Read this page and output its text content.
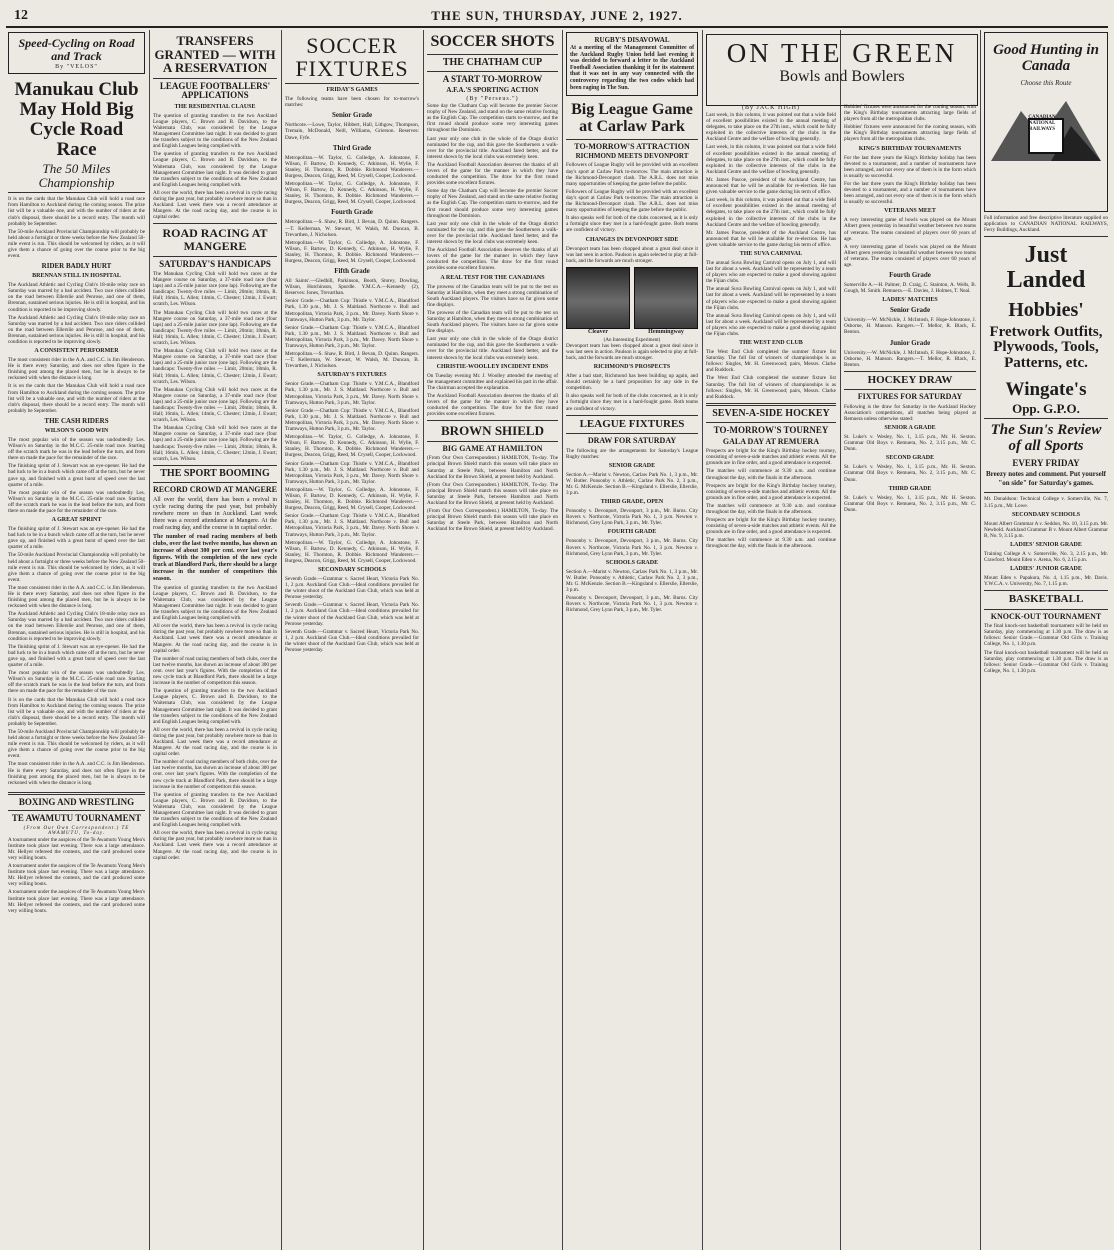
12	THE SUN, THURSDAY, JUNE 2, 1927.
Speed-Cycling on Road and Track
By "VELOS"
Manukau Club May Hold Big Cycle Road Race
The 50 Miles Championship

It is on the cards that the Manukau Club will hold a road race from Hamilton to Auckland during the coming season. The prize list will be a valuable one, and with the number of riders at the club's disposal, there should be a record entry. The month will probably be September.

The 50-mile Auckland Provincial Championship will probably be held about a fortnight or three weeks before the New Zealand 50-mile event is run. This should be welcomed by riders, as it will give them a chance of going over the course prior to the big event.

RIDER BADLY HURT
BRENNAN STILL IN HOSPITAL

The Auckland Athletic and Cycling Club's 18-mile relay race on Saturday was marred by a bad accident. Two race riders collided on the road between Ellerslie and Penrose, and one of them, Brennan, sustained serious injuries. He is still in hospital, and his condition is reported to be improving slowly.

The Auckland Athletic and Cycling Club's 18-mile relay race on Saturday was marred by a bad accident. Two race riders collided on the road between Ellerslie and Penrose, and one of them, Brennan, sustained serious injuries. He is still in hospital, and his condition is reported to be improving slowly.

A CONSISTENT PERFORMER

The most consistent rider in the A.A. and C.C. is Jim Henderson. He is there every Saturday, and does not often figure in the finishing post among the placed men, but he is always to be reckoned with when the distance is long.

It is on the cards that the Manukau Club will hold a road race from Hamilton to Auckland during the coming season. The prize list will be a valuable one, and with the number of riders at the club's disposal, there should be a record entry. The month will probably be September.

THE CASH RIDERS
WILSON'S GOOD WIN

The most popular win of the season was undoubtedly Les. Wilson's on Saturday in the M.C.C. 25-mile road race. Starting off the scratch mark he was in the lead before the turn, and from there on made the pace for the remainder of the race.

The finishing sprint of J. Stewart was an eye-opener. He had the bad luck to be in a bunch which came off at the turn, but he never gave up, and finished with a great burst of speed over the last quarter of a mile.

The most popular win of the season was undoubtedly Les. Wilson's on Saturday in the M.C.C. 25-mile road race. Starting off the scratch mark he was in the lead before the turn, and from there on made the pace for the remainder of the race.

A GREAT SPRINT

The finishing sprint of J. Stewart was an eye-opener. He had the bad luck to be in a bunch which came off at the turn, but he never gave up, and finished with a great burst of speed over the last quarter of a mile.

The 50-mile Auckland Provincial Championship will probably be held about a fortnight or three weeks before the New Zealand 50-mile event is run. This should be welcomed by riders, as it will give them a chance of going over the course prior to the big event.

The most consistent rider in the A.A. and C.C. is Jim Henderson. He is there every Saturday, and does not often figure in the finishing post among the placed men, but he is always to be reckoned with when the distance is long.

The Auckland Athletic and Cycling Club's 18-mile relay race on Saturday was marred by a bad accident. Two race riders collided on the road between Ellerslie and Penrose, and one of them, Brennan, sustained serious injuries. He is still in hospital, and his condition is reported to be improving slowly.

The finishing sprint of J. Stewart was an eye-opener. He had the bad luck to be in a bunch which came off at the turn, but he never gave up, and finished with a great burst of speed over the last quarter of a mile.

The most popular win of the season was undoubtedly Les. Wilson's on Saturday in the M.C.C. 25-mile road race. Starting off the scratch mark he was in the lead before the turn, and from there on made the pace for the remainder of the race.

It is on the cards that the Manukau Club will hold a road race from Hamilton to Auckland during the coming season. The prize list will be a valuable one, and with the number of riders at the club's disposal, there should be a record entry. The month will probably be September.

The 50-mile Auckland Provincial Championship will probably be held about a fortnight or three weeks before the New Zealand 50-mile event is run. This should be welcomed by riders, as it will give them a chance of going over the course prior to the big event.

The most consistent rider in the A.A. and C.C. is Jim Henderson. He is there every Saturday, and does not often figure in the finishing post among the placed men, but he is always to be reckoned with when the distance is long.

BOXING AND WRESTLING
TE AWAMUTU TOURNAMENT
(From Our Own Correspondent.) TE AWAMUTU, To-day.

A tournament under the auspices of the Te Awamutu Young Men's Institute took place last evening. There was a large attendance. Mr. Hellyer refereed the contests, and the card produced some very willing bouts.

A tournament under the auspices of the Te Awamutu Young Men's Institute took place last evening. There was a large attendance. Mr. Hellyer refereed the contests, and the card produced some very willing bouts.

A tournament under the auspices of the Te Awamutu Young Men's Institute took place last evening. There was a large attendance. Mr. Hellyer refereed the contests, and the card produced some very willing bouts.

TRANSFERS GRANTED — WITH A RESERVATION
LEAGUE FOOTBALLERS' APPLICATIONS
THE RESIDENTIAL CLAUSE

The question of granting transfers to the two Auckland League players, C. Brown and B. Davidson, to the Waitemata Club, was considered by the League Management Committee last night. It was decided to grant the transfers subject to the conditions of the New Zealand and English Leagues being complied with.

The question of granting transfers to the two Auckland League players, C. Brown and B. Davidson, to the Waitemata Club, was considered by the League Management Committee last night. It was decided to grant the transfers subject to the conditions of the New Zealand and English Leagues being complied with.

All over the world, there has been a revival in cycle racing during the past year, but probably nowhere more so than in Auckland. Last week there was a record attendance at Mangere. At the road racing day, and the course is in capital order.

ROAD RACING AT MANGERE
SATURDAY'S HANDICAPS

The Manukau Cycling Club will hold two races at the Mangere course on Saturday, a 37-mile road race (four laps) and a 25-mile junior race (one lap). Following are the handicaps: Twenty-five miles — Limit, 20min; 18min, R. Hall; 16min, L. Allen; 14min, C. Chester; 12min, J. Ewart; scratch, Les. Wilson.

The Manukau Cycling Club will hold two races at the Mangere course on Saturday, a 37-mile road race (four laps) and a 25-mile junior race (one lap). Following are the handicaps: Twenty-five miles — Limit, 20min; 18min, R. Hall; 16min, L. Allen; 14min, C. Chester; 12min, J. Ewart; scratch, Les. Wilson.

The Manukau Cycling Club will hold two races at the Mangere course on Saturday, a 37-mile road race (four laps) and a 25-mile junior race (one lap). Following are the handicaps: Twenty-five miles — Limit, 20min; 18min, R. Hall; 16min, L. Allen; 14min, C. Chester; 12min, J. Ewart; scratch, Les. Wilson.

The Manukau Cycling Club will hold two races at the Mangere course on Saturday, a 37-mile road race (four laps) and a 25-mile junior race (one lap). Following are the handicaps: Twenty-five miles — Limit, 20min; 18min, R. Hall; 16min, L. Allen; 14min, C. Chester; 12min, J. Ewart; scratch, Les. Wilson.

The Manukau Cycling Club will hold two races at the Mangere course on Saturday, a 37-mile road race (four laps) and a 25-mile junior race (one lap). Following are the handicaps: Twenty-five miles — Limit, 20min; 18min, R. Hall; 16min, L. Allen; 14min, C. Chester; 12min, J. Ewart; scratch, Les. Wilson.

THE SPORT BOOMING
RECORD CROWD AT MANGERE

All over the world, there has been a revival in cycle racing during the past year, but probably nowhere more so than in Auckland. Last week there was a record attendance at Mangere. At the road racing day, and the course is in capital order.

The number of road racing members of both clubs, over the last twelve months, has shown an increase of about 300 per cent. over last year's figures. With the completion of the new cycle track at Blandford Park, there should be a large increase in the number of competitors this season.

The question of granting transfers to the two Auckland League players, C. Brown and B. Davidson, to the Waitemata Club, was considered by the League Management Committee last night. It was decided to grant the transfers subject to the conditions of the New Zealand and English Leagues being complied with.

All over the world, there has been a revival in cycle racing during the past year, but probably nowhere more so than in Auckland. Last week there was a record attendance at Mangere. At the road racing day, and the course is in capital order.

The number of road racing members of both clubs, over the last twelve months, has shown an increase of about 300 per cent. over last year's figures. With the completion of the new cycle track at Blandford Park, there should be a large increase in the number of competitors this season.

The question of granting transfers to the two Auckland League players, C. Brown and B. Davidson, to the Waitemata Club, was considered by the League Management Committee last night. It was decided to grant the transfers subject to the conditions of the New Zealand and English Leagues being complied with.

All over the world, there has been a revival in cycle racing during the past year, but probably nowhere more so than in Auckland. Last week there was a record attendance at Mangere. At the road racing day, and the course is in capital order.

The number of road racing members of both clubs, over the last twelve months, has shown an increase of about 300 per cent. over last year's figures. With the completion of the new cycle track at Blandford Park, there should be a large increase in the number of competitors this season.

The question of granting transfers to the two Auckland League players, C. Brown and B. Davidson, to the Waitemata Club, was considered by the League Management Committee last night. It was decided to grant the transfers subject to the conditions of the New Zealand and English Leagues being complied with.

All over the world, there has been a revival in cycle racing during the past year, but probably nowhere more so than in Auckland. Last week there was a record attendance at Mangere. At the road racing day, and the course is in capital order.

SOCCER FIXTURES
FRIDAY'S GAMES

The following teams have been chosen for to-morrow's matches:

Senior Grade

Northcote.—Lowe, Taylor, Hibbert, Hall, Lithgow, Thompson, Tremain, McDonald, Neill, Williams, Grierson. Reserves: Dawe, Fyfe.

Third Grade

Metropolitan.—W. Taylor, G. Colledge, A. Johnstone, F. Wilson, F. Bartow, D. Kennedy, C. Atkinson, H. Wylie, F. Stanley, H. Thornton, R. Dobbie. Richmond Wanderers.—Burgess, Deacon, Grigg, Reed, M. Crysell, Cooper, Lockwood.

Metropolitan.—W. Taylor, G. Colledge, A. Johnstone, F. Wilson, F. Bartow, D. Kennedy, C. Atkinson, H. Wylie, F. Stanley, H. Thornton, R. Dobbie. Richmond Wanderers.—Burgess, Deacon, Grigg, Reed, M. Crysell, Cooper, Lockwood.

Fourth Grade

Metropolitan.—S. Shaw, R. Bird, J. Bevan, D. Quinn. Rangers.—T. Kellerman, W. Stewart, W. Walsh, M. Duncan, B. Trevarthen, J. Nicholson.

Metropolitan.—W. Taylor, G. Colledge, A. Johnstone, F. Wilson, F. Bartow, D. Kennedy, C. Atkinson, H. Wylie, F. Stanley, H. Thornton, R. Dobbie. Richmond Wanderers.—Burgess, Deacon, Grigg, Reed, M. Crysell, Cooper, Lockwood.

Fifth Grade

All Saints'.—Gledhill, Parkinson, Booth, Storey, Dowling, Wilson, Hutchinson, Spurdle. Y.M.C.A.—Kennedy (2), Reserves: Jones, Trevarthan.

Senior Grade.—Chatham Cup: Thistle v. Y.M.C.A., Blandford Park, 1.30 p.m., Mr. J. S. Maitland. Northcote v. Bull and Metropolitan, Victoria Park, 3 p.m., Mr. Davey. North Shore v. Tramways, Hutton Park, 3 p.m., Mr. Taylor.

Senior Grade.—Chatham Cup: Thistle v. Y.M.C.A., Blandford Park, 1.30 p.m., Mr. J. S. Maitland. Northcote v. Bull and Metropolitan, Victoria Park, 3 p.m., Mr. Davey. North Shore v. Tramways, Hutton Park, 3 p.m., Mr. Taylor.

Metropolitan.—S. Shaw, R. Bird, J. Bevan, D. Quinn. Rangers.—T. Kellerman, W. Stewart, W. Walsh, M. Duncan, B. Trevarthen, J. Nicholson.

SATURDAY'S FIXTURES

Senior Grade.—Chatham Cup: Thistle v. Y.M.C.A., Blandford Park, 1.30 p.m., Mr. J. S. Maitland. Northcote v. Bull and Metropolitan, Victoria Park, 3 p.m., Mr. Davey. North Shore v. Tramways, Hutton Park, 3 p.m., Mr. Taylor.

Senior Grade.—Chatham Cup: Thistle v. Y.M.C.A., Blandford Park, 1.30 p.m., Mr. J. S. Maitland. Northcote v. Bull and Metropolitan, Victoria Park, 3 p.m., Mr. Davey. North Shore v. Tramways, Hutton Park, 3 p.m., Mr. Taylor.

Metropolitan.—W. Taylor, G. Colledge, A. Johnstone, F. Wilson, F. Bartow, D. Kennedy, C. Atkinson, H. Wylie, F. Stanley, H. Thornton, R. Dobbie. Richmond Wanderers.—Burgess, Deacon, Grigg, Reed, M. Crysell, Cooper, Lockwood.

Senior Grade.—Chatham Cup: Thistle v. Y.M.C.A., Blandford Park, 1.30 p.m., Mr. J. S. Maitland. Northcote v. Bull and Metropolitan, Victoria Park, 3 p.m., Mr. Davey. North Shore v. Tramways, Hutton Park, 3 p.m., Mr. Taylor.

Metropolitan.—W. Taylor, G. Colledge, A. Johnstone, F. Wilson, F. Bartow, D. Kennedy, C. Atkinson, H. Wylie, F. Stanley, H. Thornton, R. Dobbie. Richmond Wanderers.—Burgess, Deacon, Grigg, Reed, M. Crysell, Cooper, Lockwood.

Senior Grade.—Chatham Cup: Thistle v. Y.M.C.A., Blandford Park, 1.30 p.m., Mr. J. S. Maitland. Northcote v. Bull and Metropolitan, Victoria Park, 3 p.m., Mr. Davey. North Shore v. Tramways, Hutton Park, 3 p.m., Mr. Taylor.

Metropolitan.—W. Taylor, G. Colledge, A. Johnstone, F. Wilson, F. Bartow, D. Kennedy, C. Atkinson, H. Wylie, F. Stanley, H. Thornton, R. Dobbie. Richmond Wanderers.—Burgess, Deacon, Grigg, Reed, M. Crysell, Cooper, Lockwood.

SECONDARY SCHOOLS

Seventh Grade.—Grammar v. Sacred Heart, Victoria Park No. 1, 2 p.m. Auckland Gun Club.—Ideal conditions prevailed for the winter shoot of the Auckland Gun Club, which was held at Penrose yesterday.

Seventh Grade.—Grammar v. Sacred Heart, Victoria Park No. 1, 2 p.m. Auckland Gun Club.—Ideal conditions prevailed for the winter shoot of the Auckland Gun Club, which was held at Penrose yesterday.

Seventh Grade.—Grammar v. Sacred Heart, Victoria Park No. 1, 2 p.m. Auckland Gun Club.—Ideal conditions prevailed for the winter shoot of the Auckland Gun Club, which was held at Penrose yesterday.

SOCCER SHOTS
THE CHATHAM CUP
A START TO-MORROW
A.F.A.'S SPORTING ACTION
(By "Perseus.")

Some day the Chatham Cup will become the premier Soccer trophy of New Zealand, and stand on the same relative footing as the English Cup. The competition starts to-morrow, and the first round should produce some very interesting games throughout the Dominion.

Last year only one club in the whole of the Otago district nominated for the cup, and this gave the Southerners a walk-over for the provincial title. Auckland fared better, and the interest shown by the local clubs was extremely keen.

The Auckland Football Association deserves the thanks of all lovers of the game for the manner in which they have conducted the competition. The draw for the first round provides some excellent fixtures.

Some day the Chatham Cup will become the premier Soccer trophy of New Zealand, and stand on the same relative footing as the English Cup. The competition starts to-morrow, and the first round should produce some very interesting games throughout the Dominion.

Last year only one club in the whole of the Otago district nominated for the cup, and this gave the Southerners a walk-over for the provincial title. Auckland fared better, and the interest shown by the local clubs was extremely keen.

The Auckland Football Association deserves the thanks of all lovers of the game for the manner in which they have conducted the competition. The draw for the first round provides some excellent fixtures.

A REAL TEST FOR THE CANADIANS

The prowess of the Canadian team will be put to the test on Saturday at Hamilton, when they meet a strong combination of South Auckland players. The visitors have so far given some fine displays.

The prowess of the Canadian team will be put to the test on Saturday at Hamilton, when they meet a strong combination of South Auckland players. The visitors have so far given some fine displays.

Last year only one club in the whole of the Otago district nominated for the cup, and this gave the Southerners a walk-over for the provincial title. Auckland fared better, and the interest shown by the local clubs was extremely keen.

CHRISTIE-WOOLLEY INCIDENT ENDS

On Tuesday evening Mr. J. Woolley attended the meeting of the management committee and explained his part in the affair. The chairman accepted the explanation.

The Auckland Football Association deserves the thanks of all lovers of the game for the manner in which they have conducted the competition. The draw for the first round provides some excellent fixtures.

BROWN SHIELD
BIG GAME AT HAMILTON

(From Our Own Correspondent.) HAMILTON, To-day. The principal Brown Shield match this season will take place on Saturday at Steele Park, between Hamilton and North Auckland for the Brown Shield, at present held by Auckland.

(From Our Own Correspondent.) HAMILTON, To-day. The principal Brown Shield match this season will take place on Saturday at Steele Park, between Hamilton and North Auckland for the Brown Shield, at present held by Auckland.

(From Our Own Correspondent.) HAMILTON, To-day. The principal Brown Shield match this season will take place on Saturday at Steele Park, between Hamilton and North Auckland for the Brown Shield, at present held by Auckland.

RUGBY'S DISAVOWAL

At a meeting of the Management Committee of the Auckland Rugby Union held last evening it was decided to forward a letter to the Auckland Football Association thanking it for its statement that it was not in any way connected with the controversy regarding the two codes which had been raging in The Sun.

Big League Game at Carlaw Park
TO-MORROW'S ATTRACTION
RICHMOND MEETS DEVONPORT

Followers of League Rugby will be provided with an excellent day's sport at Carlaw Park to-morrow. The main attraction is the Richmond-Devonport clash. The A.R.L. does not miss many opportunities of keeping the game before the public.

Followers of League Rugby will be provided with an excellent day's sport at Carlaw Park to-morrow. The main attraction is the Richmond-Devonport clash. The A.R.L. does not miss many opportunities of keeping the game before the public.

It also speaks well for both of the clubs concerned, as it is only a fortnight since they met in a hard-fought game. Both teams are confident of victory.

CHANGES IN DEVONPORT SIDE

Devonport team has been chopped about a great deal since it was last seen in action. Paulson is again selected to play at full-back, and the forwards are much stronger.

Cleaver	Hemmingway
(An Interesting Experiment)

Devonport team has been chopped about a great deal since it was last seen in action. Paulson is again selected to play at full-back, and the forwards are much stronger.

RICHMOND'S PROSPECTS

After a bad start, Richmond has been building up again, and should certainly be a hard proposition for any side in the competition.

It also speaks well for both of the clubs concerned, as it is only a fortnight since they met in a hard-fought game. Both teams are confident of victory.

LEAGUE FIXTURES
DRAW FOR SATURDAY

The following are the arrangements for Saturday's League Rugby matches:

SENIOR GRADE

Section A.—Marist v. Newton, Carlaw Park No. 1, 3 p.m., Mr. W. Butler. Ponsonby v. Athletic, Carlaw Park No. 2, 3 p.m., Mr. G. McKenzie. Section B.—Kingsland v. Ellerslie, Ellerslie, 3 p.m.

THIRD GRADE, OPEN

Ponsonby v. Devonport, Devonport, 3 p.m., Mr. Burns. City Rovers v. Northcote, Victoria Park No. 1, 3 p.m. Newton v. Richmond, Grey Lynn Park, 3 p.m., Mr. Tyler.

FOURTH GRADE

Ponsonby v. Devonport, Devonport, 3 p.m., Mr. Burns. City Rovers v. Northcote, Victoria Park No. 1, 3 p.m. Newton v. Richmond, Grey Lynn Park, 3 p.m., Mr. Tyler.

SCHOOLS GRADE

Section A.—Marist v. Newton, Carlaw Park No. 1, 3 p.m., Mr. W. Butler. Ponsonby v. Athletic, Carlaw Park No. 2, 3 p.m., Mr. G. McKenzie. Section B.—Kingsland v. Ellerslie, Ellerslie, 3 p.m.

Ponsonby v. Devonport, Devonport, 3 p.m., Mr. Burns. City Rovers v. Northcote, Victoria Park No. 1, 3 p.m. Newton v. Richmond, Grey Lynn Park, 3 p.m., Mr. Tyler.

ON THE GREEN
Bowls and Bowlers
(By JACK HIGH)

Last week, in this column, it was pointed out that a wide field of excellent possibilities existed in the annual meeting of delegates, to take place on the 27th inst., which could be fully exploited in the collective interests of the clubs in the Auckland Centre and the welfare of bowling generally.

Last week, in this column, it was pointed out that a wide field of excellent possibilities existed in the annual meeting of delegates, to take place on the 27th inst., which could be fully exploited in the collective interests of the clubs in the Auckland Centre and the welfare of bowling generally.

Mr. James Pascoe, president of the Auckland Centre, has announced that he will be available for re-election. He has given valuable service to the game during his term of office.

Last week, in this column, it was pointed out that a wide field of excellent possibilities existed in the annual meeting of delegates, to take place on the 27th inst., which could be fully exploited in the collective interests of the clubs in the Auckland Centre and the welfare of bowling generally.

Mr. James Pascoe, president of the Auckland Centre, has announced that he will be available for re-election. He has given valuable service to the game during his term of office.

THE SUVA CARNIVAL

The annual Suva Bowling Carnival opens on July 1, and will last for about a week. Auckland will be represented by a team of players who are expected to make a good showing against the Fijian clubs.

The annual Suva Bowling Carnival opens on July 1, and will last for about a week. Auckland will be represented by a team of players who are expected to make a good showing against the Fijian clubs.

The annual Suva Bowling Carnival opens on July 1, and will last for about a week. Auckland will be represented by a team of players who are expected to make a good showing against the Fijian clubs.

THE WEST END CLUB

The West End Club completed the summer fixture list Saturday. The full list of winners of championships is as follows: Singles, Mr. H. Greenwood; pairs, Messrs. Clarke and Ruddock.

The West End Club completed the summer fixture list Saturday. The full list of winners of championships is as follows: Singles, Mr. H. Greenwood; pairs, Messrs. Clarke and Ruddock.

SEVEN-A-SIDE HOCKEY
TO-MORROW'S TOURNEY
GALA DAY AT REMUERA

Prospects are bright for the King's Birthday hockey tourney, consisting of seven-a-side matches and athletic events. All the grounds are in fine order, and a good attendance is expected.

The matches will commence at 9.30 a.m. and continue throughout the day, with the finals in the afternoon.

Prospects are bright for the King's Birthday hockey tourney, consisting of seven-a-side matches and athletic events. All the grounds are in fine order, and a good attendance is expected.

The matches will commence at 9.30 a.m. and continue throughout the day, with the finals in the afternoon.

Prospects are bright for the King's Birthday hockey tourney, consisting of seven-a-side matches and athletic events. All the grounds are in fine order, and a good attendance is expected.

The matches will commence at 9.30 a.m. and continue throughout the day, with the finals in the afternoon.

Hobbies' fixtures were announced for the coming season, with the King's Birthday tournaments attracting large fields of players from all the metropolitan clubs.

Hobbies' fixtures were announced for the coming season, with the King's Birthday tournaments attracting large fields of players from all the metropolitan clubs.

KING'S BIRTHDAY TOURNAMENTS

For the last three years the King's Birthday holiday has been devoted to a tournament, and a number of tournaments have been arranged, and not every one of them is in the form which is usually so successful.

For the last three years the King's Birthday holiday has been devoted to a tournament, and a number of tournaments have been arranged, and not every one of them is in the form which is usually so successful.

VETERANS MEET

A very interesting game of bowls was played on the Mount Albert green yesterday in beautiful weather between two teams of veterans. The teams consisted of players over 60 years of age.

A very interesting game of bowls was played on the Mount Albert green yesterday in beautiful weather between two teams of veterans. The teams consisted of players over 60 years of age.

Fourth Grade

Somerville A.—H. Palmer, D. Craig, C. Stainton, A. Wells, B. Gough, M. Smith. Remuera.—E. Davies, J. Holmes, T. Neal.

LADIES' MATCHES
Senior Grade

University.—W. McNickle, J. McIntosh, F. Hope-Johnstone, J. Osborne, H. Manson. Rangers.—T. Mellor, R. Black, E. Benton.

Junior Grade

University.—W. McNickle, J. McIntosh, F. Hope-Johnstone, J. Osborne, H. Manson. Rangers.—T. Mellor, R. Black, E. Benton.

HOCKEY DRAW
FIXTURES FOR SATURDAY

Following is the draw for Saturday in the Auckland Hockey Association's competitions, all matches being played at Remuera unless otherwise stated:

SENIOR A GRADE

St. Luke's v. Wesley, No. 1, 3.15 p.m., Mr. H. Sexton. Grammar Old Boys v. Remuera, No. 2, 3.15 p.m., Mr. C. Dunn.

SECOND GRADE

St. Luke's v. Wesley, No. 1, 3.15 p.m., Mr. H. Sexton. Grammar Old Boys v. Remuera, No. 2, 3.15 p.m., Mr. C. Dunn.

THIRD GRADE

St. Luke's v. Wesley, No. 1, 3.15 p.m., Mr. H. Sexton. Grammar Old Boys v. Remuera, No. 2, 3.15 p.m., Mr. C. Dunn.

Good Hunting in Canada
Choose this Route
CANADIAN NATIONAL RAILWAYS

Full information and free descriptive literature supplied on application to CANADIAN NATIONAL RAILWAYS, Ferry Buildings, Auckland.

Just Landed
Hobbies'
Fretwork Outfits, Plywoods, Tools, Patterns, etc.
Wingate's
Opp. G.P.O.
The Sun's Review of all Sports
EVERY FRIDAY
Breezy notes and comment. Put yourself "on side" for Saturday's games.

Mt. Donaldson: Technical College v. Somerville, No. 7, 3.15 p.m., Mr. Lowe.

SECONDARY SCHOOLS

Mount Albert Grammar A v. Seddon, No. 10, 3.15 p.m. Mr. Newbold. Auckland Grammar B v. Mount Albert Grammar B, No. 9, 3.15 p.m.

LADIES' SENIOR GRADE

Training College A v. Somerville, No. 3, 2.15 p.m., Mr. Crawford. Mount Eden v. Arena, No. 6, 2.15 p.m.

LADIES' JUNIOR GRADE

Mount Eden v. Papakura, No. 4, 1.15 p.m., Mr. Davis. Y.W.C.A. v. University, No. 7, 1.15 p.m.

BASKETBALL
KNOCK-OUT TOURNAMENT

The final knock-out basketball tournament will be held on Saturday, play commencing at 1.30 p.m. The draw is as follows: Senior Grade.—Grammar Old Girls v. Training College, No. 1, 1.30 p.m.

The final knock-out basketball tournament will be held on Saturday, play commencing at 1.30 p.m. The draw is as follows: Senior Grade.—Grammar Old Girls v. Training College, No. 1, 1.30 p.m.
